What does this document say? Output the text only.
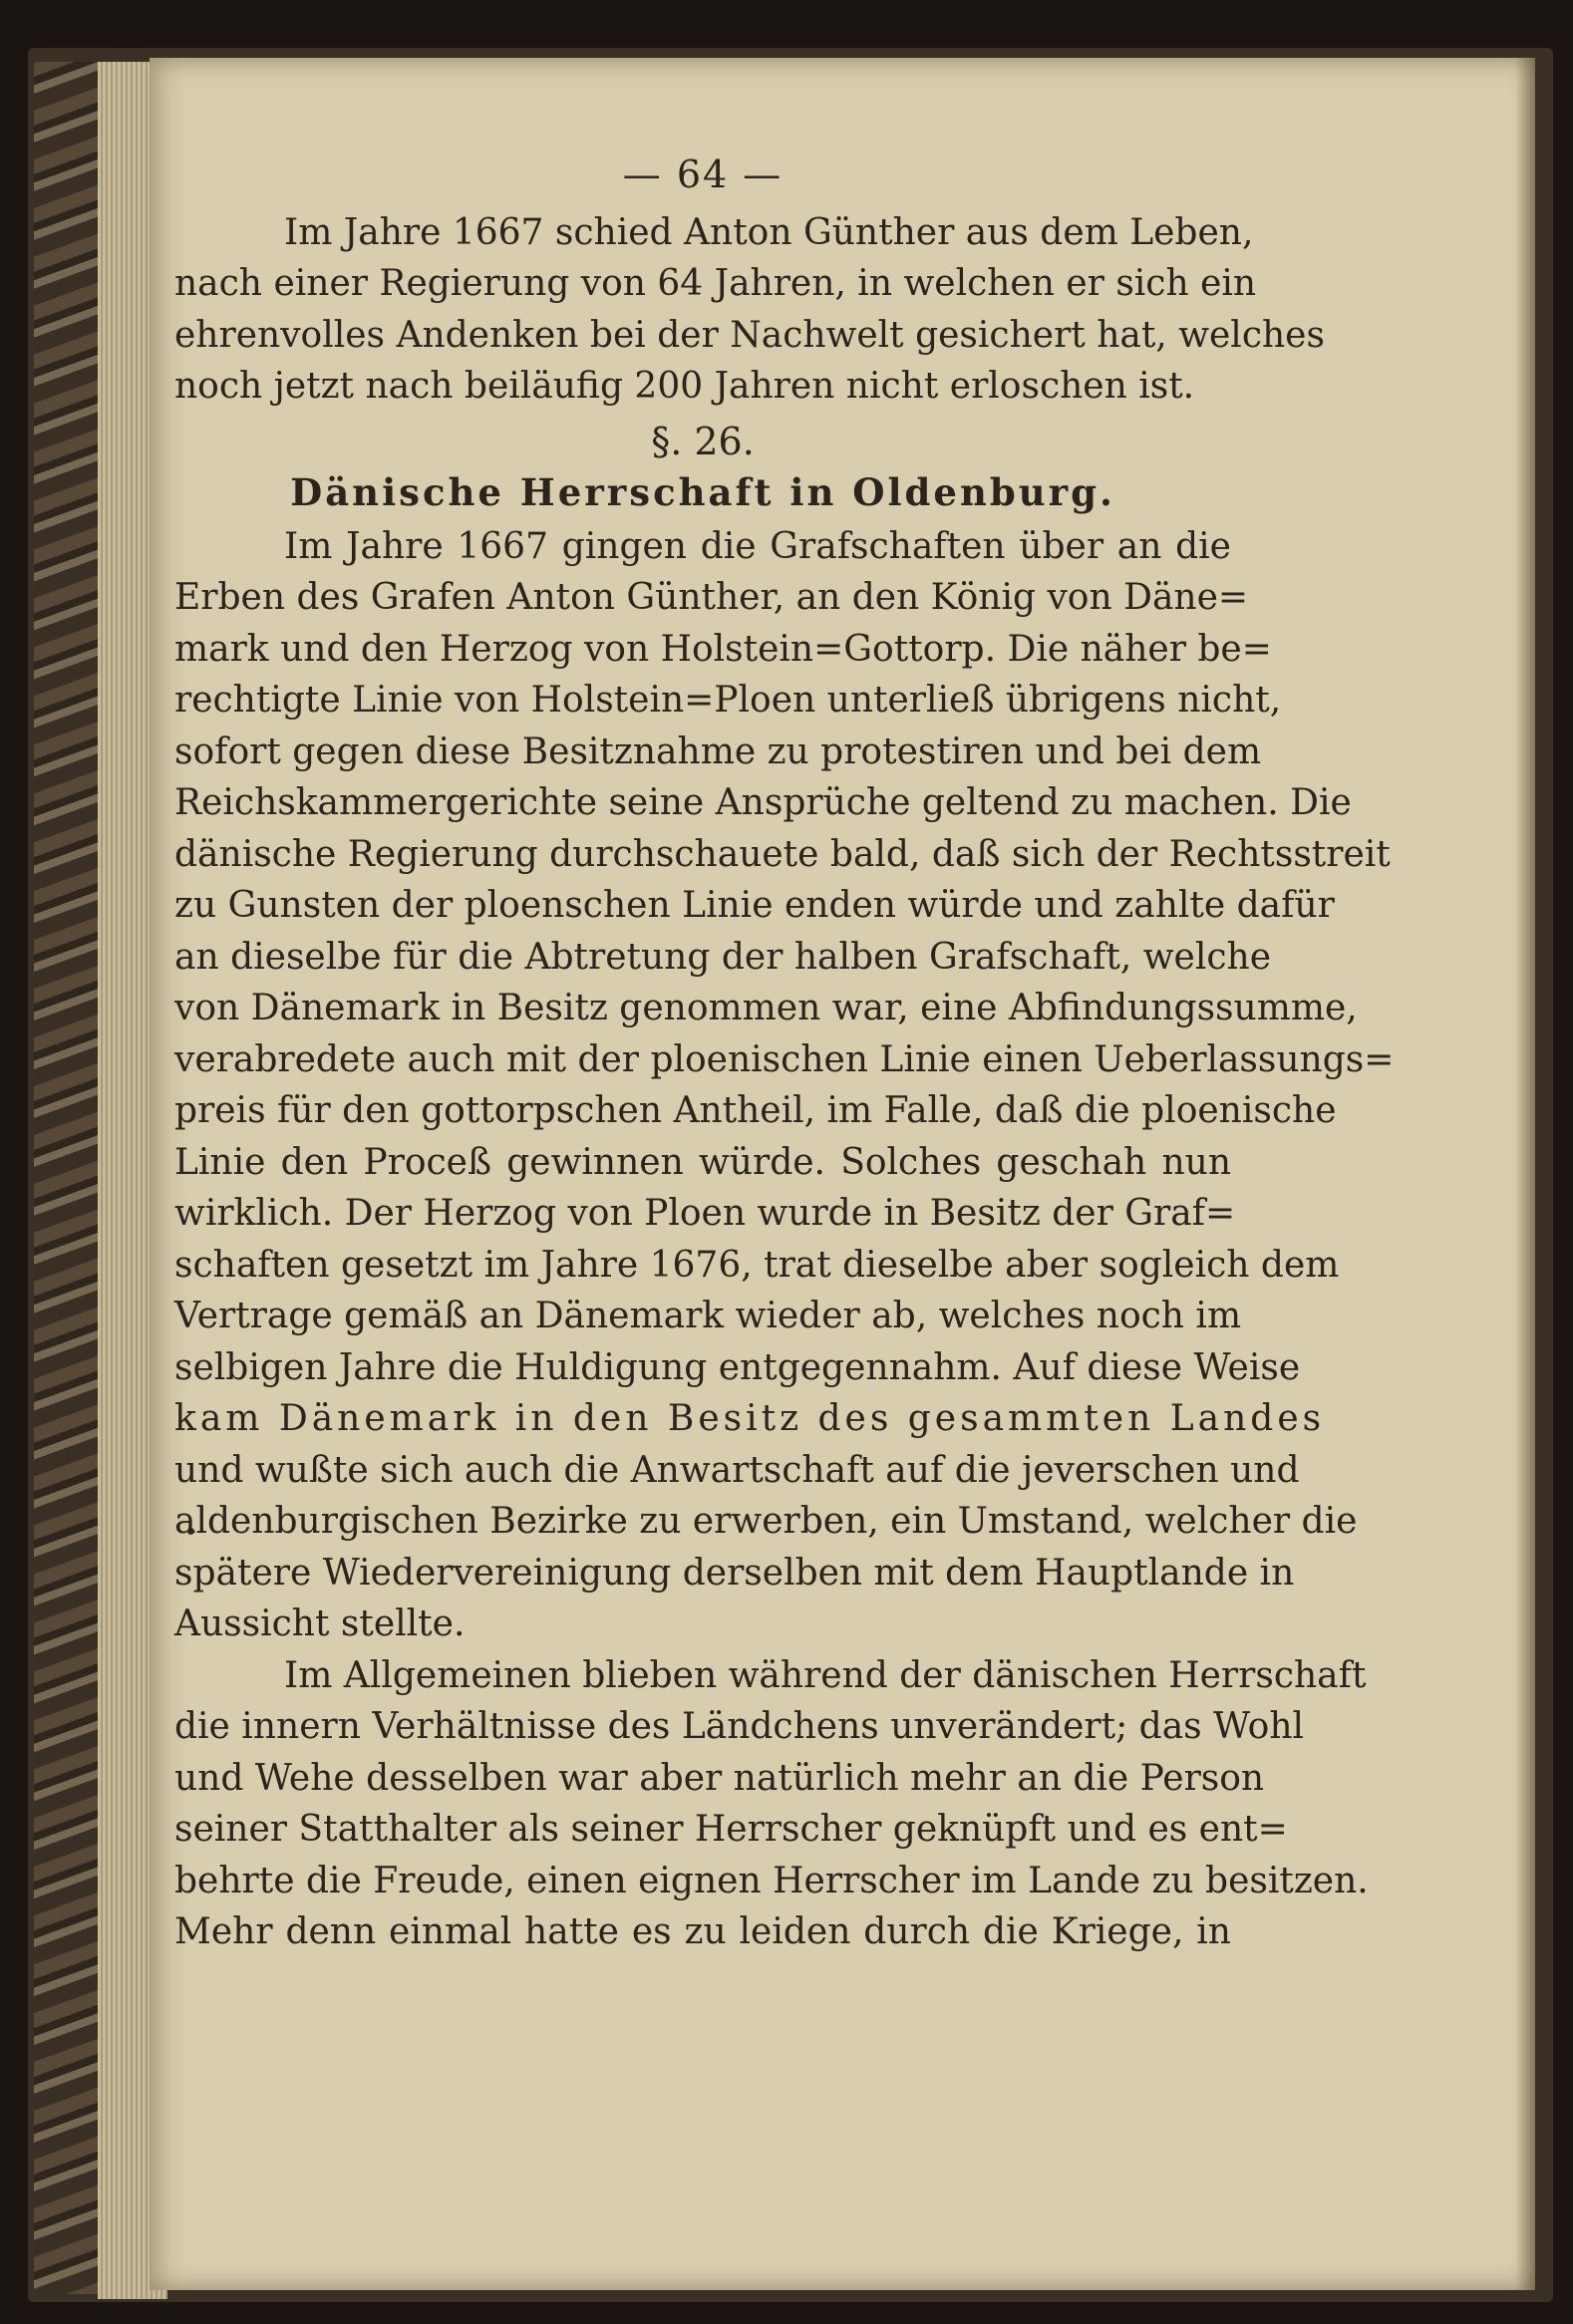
— 64 —
Im Jahre 1667 schied Anton Günther aus dem Leben,
nach einer Regierung von 64 Jahren, in welchen er sich ein
ehrenvolles Andenken bei der Nachwelt gesichert hat, welches
noch jetzt nach beiläufig 200 Jahren nicht erloschen ist.
§. 26.
Dänische Herrschaft in Oldenburg.
Im Jahre 1667 gingen die Grafschaften über an die
Erben des Grafen Anton Günther, an den König von Däne=
mark und den Herzog von Holstein=Gottorp. Die näher be=
rechtigte Linie von Holstein=Ploen unterließ übrigens nicht,
sofort gegen diese Besitznahme zu protestiren und bei dem
Reichskammergerichte seine Ansprüche geltend zu machen. Die
dänische Regierung durchschauete bald, daß sich der Rechtsstreit
zu Gunsten der ploenschen Linie enden würde und zahlte dafür
an dieselbe für die Abtretung der halben Grafschaft, welche
von Dänemark in Besitz genommen war, eine Abfindungssumme,
verabredete auch mit der ploenischen Linie einen Ueberlassungs=
preis für den gottorpschen Antheil, im Falle, daß die ploenische
Linie den Proceß gewinnen würde. Solches geschah nun
wirklich. Der Herzog von Ploen wurde in Besitz der Graf=
schaften gesetzt im Jahre 1676, trat dieselbe aber sogleich dem
Vertrage gemäß an Dänemark wieder ab, welches noch im
selbigen Jahre die Huldigung entgegennahm. Auf diese Weise
kam Dänemark in den Besitz des gesammten Landes
und wußte sich auch die Anwartschaft auf die jeverschen und
aldenburgischen Bezirke zu erwerben, ein Umstand, welcher die
spätere Wiedervereinigung derselben mit dem Hauptlande in
Aussicht stellte.
Im Allgemeinen blieben während der dänischen Herrschaft
die innern Verhältnisse des Ländchens unverändert; das Wohl
und Wehe desselben war aber natürlich mehr an die Person
seiner Statthalter als seiner Herrscher geknüpft und es ent=
behrte die Freude, einen eignen Herrscher im Lande zu besitzen.
Mehr denn einmal hatte es zu leiden durch die Kriege, in
